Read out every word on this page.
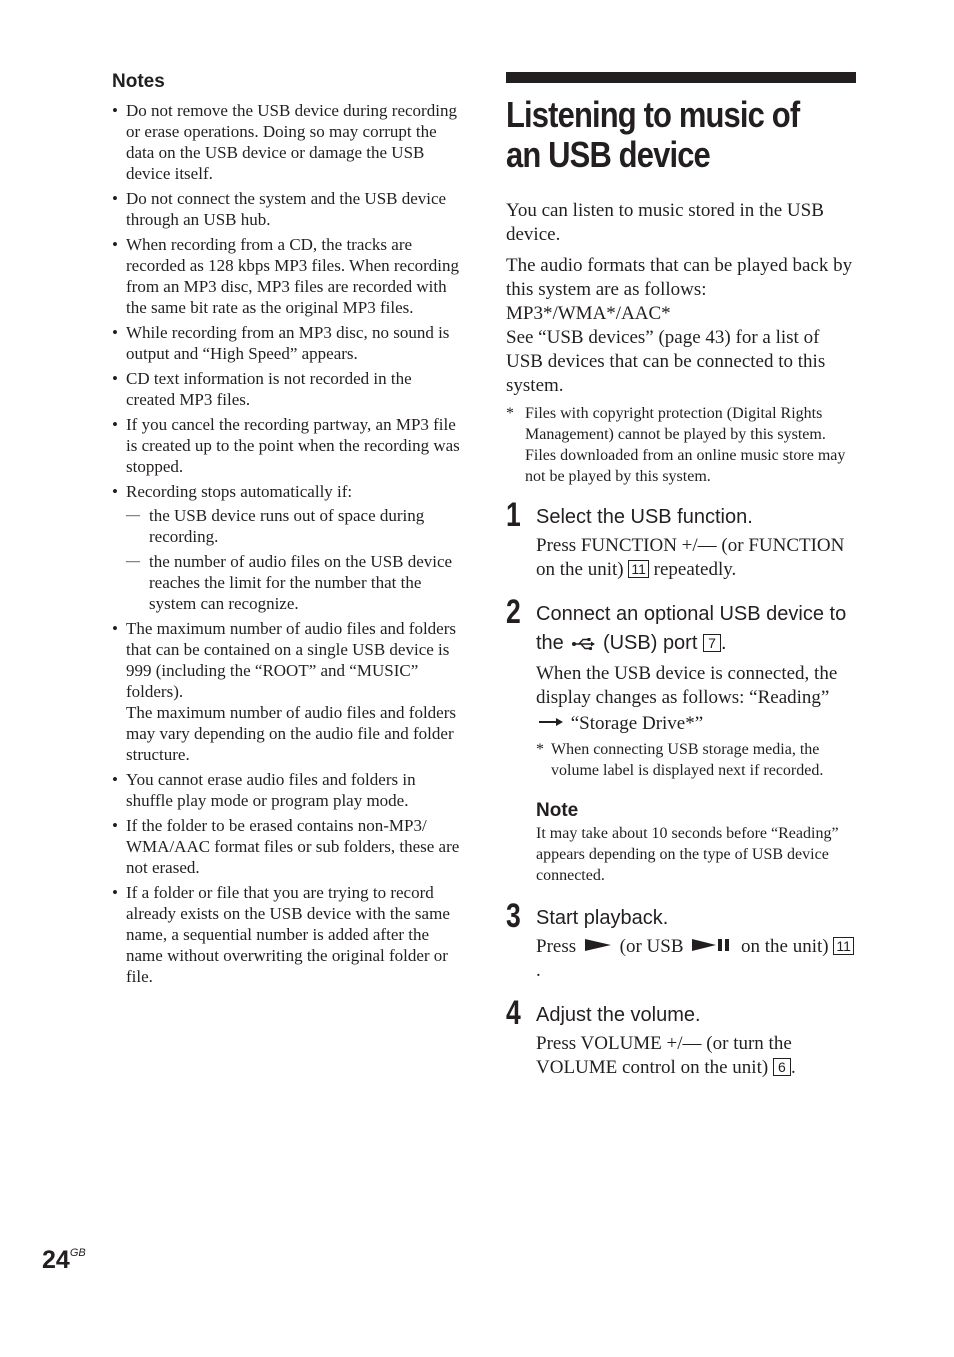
Notes
• Do not remove the USB device during recording or erase operations. Doing so may corrupt the data on the USB device or damage the USB device itself.
• Do not connect the system and the USB device through an USB hub.
• When recording from a CD, the tracks are recorded as 128 kbps MP3 files. When recording from an MP3 disc, MP3 files are recorded with the same bit rate as the original MP3 files.
• While recording from an MP3 disc, no sound is output and “High Speed” appears.
• CD text information is not recorded in the created MP3 files.
• If you cancel the recording partway, an MP3 file is created up to the point when the recording was stopped.
• Recording stops automatically if:
— the USB device runs out of space during recording.
— the number of audio files on the USB device reaches the limit for the number that the system can recognize.
• The maximum number of audio files and folders that can be contained on a single USB device is 999 (including the “ROOT” and “MUSIC” folders).
The maximum number of audio files and folders may vary depending on the audio file and folder structure.
• You cannot erase audio files and folders in shuffle play mode or program play mode.
• If the folder to be erased contains non-MP3/ WMA/AAC format files or sub folders, these are not erased.
• If a folder or file that you are trying to record already exists on the USB device with the same name, a sequential number is added after the name without overwriting the original folder or file.
Listening to music of
an USB device

You can listen to music stored in the USB device.

The audio formats that can be played back by this system are as follows: MP3*/WMA*/AAC*

See “USB devices” (page 43) for a list of USB devices that can be connected to this system.

* Files with copyright protection (Digital Rights Management) cannot be played by this system.
Files downloaded from an online music store may not be played by this system.
1 Select the USB function.
Press FUNCTION +/— (or FUNCTION on the unit) 11 repeatedly.
2 Connect an optional USB device to the (USB) port 7 .
When the USB device is connected, the display changes as follows: “Reading”  “Storage Drive*”
* When connecting USB storage media, the volume label is displayed next if recorded.
Note
It may take about 10 seconds before “Reading” appears depending on the type of USB device connected.
3 Start playback.
Press (or USB	on the unit) 11.
4 Adjust the volume.
Press VOLUME +/— (or turn the VOLUME control on the unit) 6 .
$24^{GB}$
